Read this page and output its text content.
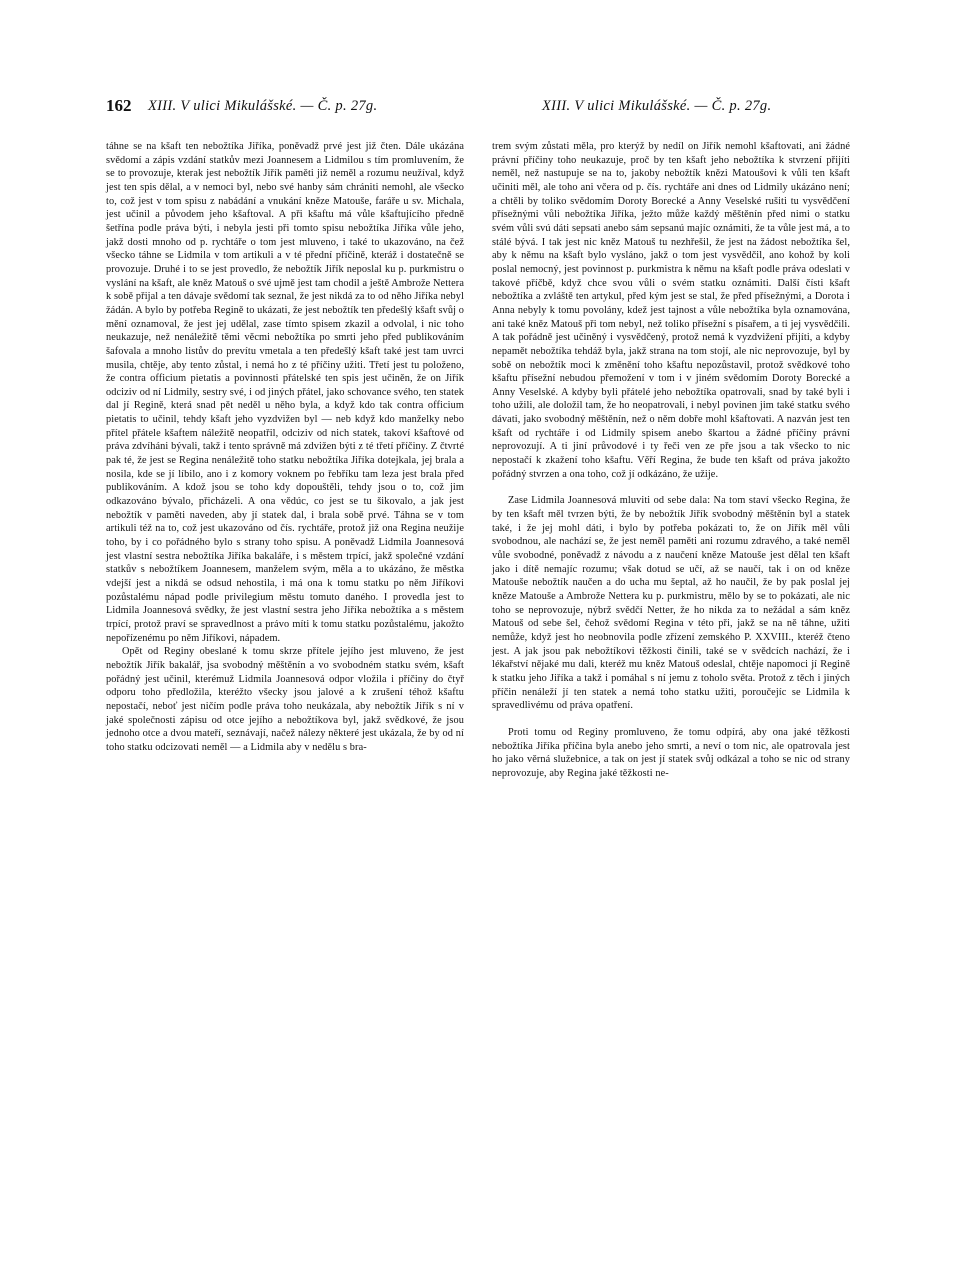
162 XIII. V ulici Mikulášské. — Č. p. 27g.	XIII. V ulici Mikulášské. — Č. p. 27g.

táhne se na kšaft ten nebožtíka Jiříka, poněvadž prvé jest již čten. Dále ukázána svědomí a zápis vzdání statkův mezi Joannesem a Lidmilou s tím promluvením, že se to provozuje, kterak jest nebožtík Jiřík paměti již neměl a rozumu neužíval, když jest ten spis dělal, a v nemoci byl, nebo své hanby sám chrániti nemohl, ale všecko to, což jest v tom spisu z nabádání a vnukání kněze Matouše, faráře u sv. Michala, jest učinil a původem jeho kšaftoval. A při kšaftu má vůle kšaftujícího předně šetřína podle práva býti, i nebyla jesti při tomto spisu nebožtíka Jiříka vůle jeho, jakž dosti mnoho od p. rychtáře o tom jest mluveno, i také to ukazováno, na čež všecko táhne se Lidmila v tom artikuli a v té přední příčině, kteráž i dostatečně se provozuje. Druhé i to se jest provedlo, že nebožtík Jiřík neposlal ku p. purkmistru o vyslání na kšaft, ale kněz Matouš o své ujmě jest tam chodil a ještě Ambrože Nettera k sobě přijal a ten dávaje svědomí tak seznal, že jest nikdá za to od něho Jiříka nebyl žádán. A bylo by potřeba Regině to ukázati, že jest nebožtík ten předešlý kšaft svůj o mění oznamoval, že jest jej udělal, zase tímto spisem zkazil a odvolal, i nic toho neukazuje, než nenáležitě těmi věcmi nebožtíka po smrti jeho před publikováním šafovala a mnoho listův do prevítu vmetala a ten předešlý kšaft také jest tam uvrci musila, chtěje, aby tento zůstal, i nemá ho z té příčiny užiti. Třetí jest tu položeno, že contra officium pietatis a povinnosti přátelské ten spis jest učiněn, že on Jiřík odciziv od ní Lidmily, sestry své, i od jiných přátel, jako schovance svého, ten statek dal jí Regině, která snad pět neděl u něho byla, a když kdo tak contra officium pietatis to učinil, tehdy kšaft jeho vyzdvižen byl — neb když kdo manželky nebo přítel přátele kšaftem náležitě neopatřil, odciziv od nich statek, takoví kšaftové od práva zdvíháni bývali, takž i tento správně má zdvižen býti z té třetí příčiny. Z čtvrté pak té, že jest se Regina nenáležitě toho statku nebožtíka Jiříka dotejkala, jej brala a nosila, kde se jí líbilo, ano i z komory voknem po řebříku tam leza jest brala před publikováním. A kdož jsou se toho kdy dopouštěli, tehdy jsou o to, což jim odkazováno bývalo, přicházeli. A ona vědúc, co jest se tu šikovalo, a jak jest nebožtík v paměti naveden, aby jí statek dal, i brala sobě prvé. Táhna se v tom artikuli též na to, což jest ukazováno od čís. rychtáře, protož již ona Regina neužije toho, by i co pořádného bylo s strany toho spisu. A poněvadž Lidmila Joannesová jest vlastní sestra nebožtíka Jiříka bakaláře, i s městem trpící, jakž společné vzdání statkův s nebožtíkem Joannesem, manželem svým, měla a to ukázáno, že městka vdejší jest a nikdá se odsud nehostila, i má ona k tomu statku po něm Jiříkovi pozůstalému nápad podle privilegium městu tomuto daného. I provedla jest to Lidmila Joannesová svědky, že jest vlastní sestra jeho Jiříka nebožtíka a s městem trpící, protož praví se spravedlnost a právo míti k tomu statku pozůstalému, jakožto nepořízenému po něm Jiříkovi, nápadem.

Opět od Reginy obeslané k tomu skrze přítele jejího jest mluveno, že jest nebožtík Jiřík bakalář, jsa svobodný měštěnín a vo svobodném statku svém, kšaft pořádný jest učinil, kterémuž Lidmila Joannesová odpor vložila i příčiny do čtyř odporu toho předložila, kteréžto všecky jsou jalové a k zrušení téhož kšaftu nepostačí, neboť jest ničím podle práva toho neukázala, aby nebožtík Jiřík s ní v jaké společnosti zápisu od otce jejího a nebožtíkova byl, jakž svědkové, že jsou jednoho otce a dvou mateří, seznávají, načež nálezy některé jest ukázala, že by od ní toho statku odcizovati neměl — a Lidmila aby v nedělu s bra-

trem svým zůstati měla, pro kterýž by nedíl on Jiřík nemohl kšaftovati, ani žádné právní příčiny toho neukazuje, proč by ten kšaft jeho nebožtíka k stvrzení přijíti neměl, než nastupuje se na to, jakoby nebožtík knězi Matoušovi k vůli ten kšaft učiniti měl, ale toho ani včera od p. čís. rychtáře ani dnes od Lidmily ukázáno není; a chtěli by toliko svědomím Doroty Borecké a Anny Veselské rušiti tu vysvědčení přísežnými vůli nebožtíka Jiříka, ježto může každý měštěnín před nimi o statku svém vůli svú dáti sepsati anebo sám sepsanú majíc oznámiti, že ta vůle jest má, a to stálé bývá. I tak jest nic kněz Matouš tu nezhřešil, že jest na žádost nebožtíka šel, aby k němu na kšaft bylo vysláno, jakž o tom jest vysvědčil, ano kohož by koli poslal nemocný, jest povinnost p. purkmistra k němu na kšaft podle práva odeslati v takové příčbě, když chce svou vůli o svém statku oznámiti. Další čísti kšaft nebožtíka a zvláště ten artykul, před kým jest se stal, že před přísežnými, a Dorota i Anna nebyly k tomu povolány, kdež jest tajnost a vůle nebožtíka byla oznamována, ani také kněz Matouš při tom nebyl, než toliko přísežní s písařem, a ti jej vysvědčili. A tak pořádně jest učiněný i vysvědčený, protož nemá k vyzdvižení přijíti, a kdyby nepamět nebožtíka tehdáž byla, jakž strana na tom stojí, ale nic neprovozuje, byl by sobě on nebožtík moci k změnění toho kšaftu nepozůstavil, protož svědkové toho kšaftu přísežní nebudou přemožení v tom i v jiném svědomím Doroty Borecké a Anny Veselské. A kdyby byli přátelé jeho nebožtíka opatrovali, snad by také byli i toho užili, ale doložil tam, že ho neopatrovali, i nebyl povinen jim také statku svého dávati, jako svobodný měštěnín, než o něm dobře mohl kšaftovati. A nazván jest ten kšaft od rychtáře i od Lidmily spisem anebo škartou a žádné příčiny právní neprovozují. A ti jiní průvodové i ty řeči ven ze pře jsou a tak všecko to nic nepostačí k zkažení toho kšaftu. Věří Regina, že bude ten kšaft od práva jakožto pořádný stvrzen a ona toho, což jí odkázáno, že užije.

Zase Lidmila Joannesová mluviti od sebe dala: Na tom staví všecko Regina, že by ten kšaft měl tvrzen býti, že by nebožtík Jiřík svobodný měštěnín byl a statek také, i že jej mohl dáti, i bylo by potřeba pokázati to, že on Jiřík měl vůli svobodnou, ale nachází se, že jest neměl paměti ani rozumu zdravého, a také neměl vůle svobodné, poněvadž z návodu a z naučení kněze Matouše jest dělal ten kšaft jako i dítě nemajíc rozumu; však dotud se učí, až se naučí, tak i on od kněze Matouše nebožtík naučen a do ucha mu šeptal, až ho naučil, že by pak poslal jej kněze Matouše a Ambrože Nettera ku p. purkmistru, mělo by se to pokázati, ale nic toho se neprovozuje, nýbrž svědčí Netter, že ho nikda za to nežádal a sám kněz Matouš od sebe šel, čehož svědomí Regina v této při, jakž se na ně táhne, užiti nemůže, když jest ho neobnovila podle zřízení zemského P. XXVIII., kteréž čteno jest. A jak jsou pak nebožtíkovi těžkosti činili, také se v svědcích nachází, že i lékařství nějaké mu dali, kteréž mu kněz Matouš odeslal, chtěje napomoci jí Regině k statku jeho Jiříka a takž i pomáhal s ní jemu z toholo světa. Protož z těch i jiných příčin nenáleží jí ten statek a nemá toho statku užiti, poroučejíc se Lidmila k spravedlivému od práva opatření.

Proti tomu od Reginy promluveno, že tomu odpírá, aby ona jaké těžkosti nebožtíka Jiříka příčina byla anebo jeho smrti, a neví o tom nic, ale opatrovala jest ho jako věrná služebnice, a tak on jest jí statek svůj odkázal a toho se nic od strany neprovozuje, aby Regina jaké těžkosti ne-
